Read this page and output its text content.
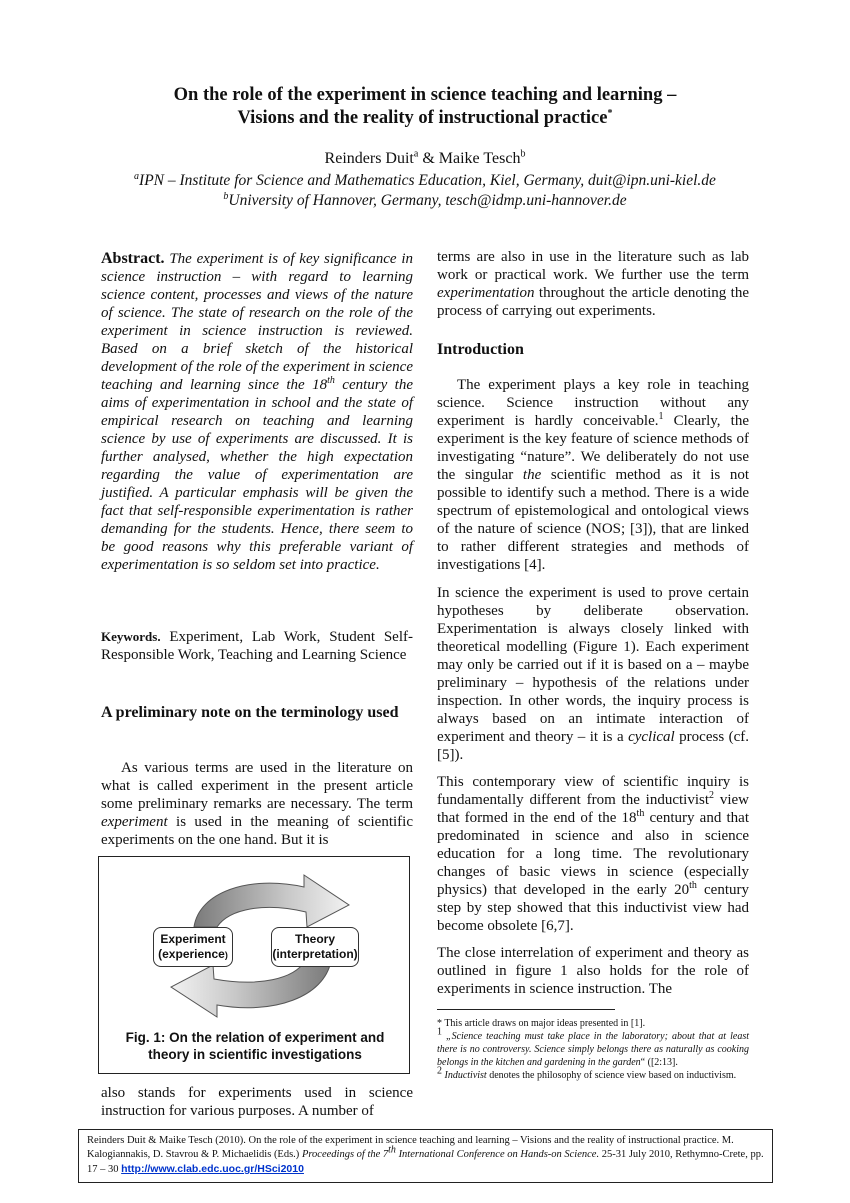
On the role of the experiment in science teaching and learning –
Visions and the reality of instructional practice*
Reinders Duit$^a$ & Maike Tesch$^b$
$^a$IPN – Institute for Science and Mathematics Education, Kiel, Germany, duit@ipn.uni-kiel.de
$^b$University of Hannover, Germany, tesch@idmp.uni-hannover.de

Abstract. The experiment is of key significance in science instruction – with regard to learning science content, processes and views of the nature of science. The state of research on the role of the experiment in science instruction is reviewed. Based on a brief sketch of the historical development of the role of the experiment in science teaching and learning since the 18th century the aims of experimentation in school and the state of empirical research on teaching and learning science by use of experiments are discussed. It is further analysed, whether the high expectation regarding the value of experimentation are justified. A particular emphasis will be given the fact that self-responsible experimentation is rather demanding for the students. Hence, there seem to be good reasons why this preferable variant of experimentation is so seldom set into practice.

Keywords. Experiment, Lab Work, Student Self-Responsible Work, Teaching and Learning Science

A preliminary note on the terminology used

As various terms are used in the literature on what is called experiment in the present article some preliminary remarks are necessary. The term experiment is used in the meaning of scientific experiments on the one hand. But it is

Experiment
(experience)
Theory
(interpretation)
Fig. 1: On the relation of experiment and
theory in scientific investigations

also stands for experiments used in science instruction for various purposes. A number of

terms are also in use in the literature such as lab work or practical work. We further use the term experimentation throughout the article denoting the process of carrying out experiments.

Introduction

The experiment plays a key role in teaching science. Science instruction without any experiment is hardly conceivable.$^1$ Clearly, the experiment is the key feature of science methods of investigating “nature”. We deliberately do not use the singular the scientific method as it is not possible to identify such a method. There is a wide spectrum of epistemological and ontological views of the nature of science (NOS; [3]), that are linked to rather different strategies and methods of investigations [4].

In science the experiment is used to prove certain hypotheses by deliberate observation. Experimentation is always closely linked with theoretical modelling (Figure 1). Each experiment may only be carried out if it is based on a – maybe preliminary – hypothesis of the relations under inspection. In other words, the inquiry process is always based on an intimate interaction of experiment and theory – it is a cyclical process (cf. [5]).

This contemporary view of scientific inquiry is fundamentally different from the inductivist$^2$ view that formed in the end of the 18th century and that predominated in science and also in science education for a long time. The revolutionary changes of basic views in science (especially physics) that developed in the early 20th century step by step showed that this inductivist view had become obsolete [6,7].

The close interrelation of experiment and theory as outlined in figure 1 also holds for the role of experiments in science instruction. The

* This article draws on major ideas presented in [1].

$^1$ „Science teaching must take place in the laboratory; about that at least there is no controversy. Science simply belongs there as naturally as cooking belongs in the kitchen and gardening in the garden“ ([2:13].

$^2$ Inductivist denotes the philosophy of science view based on inductivism.

Reinders Duit & Maike Tesch (2010). On the role of the experiment in science teaching and learning – Visions and the reality of instructional practice. M. Kalogiannakis, D. Stavrou & P. Michaelidis (Eds.) Proceedings of the 7th International Conference on Hands-on Science. 25-31 July 2010, Rethymno-Crete, pp. 17 – 30 http://www.clab.edc.uoc.gr/HSci2010
